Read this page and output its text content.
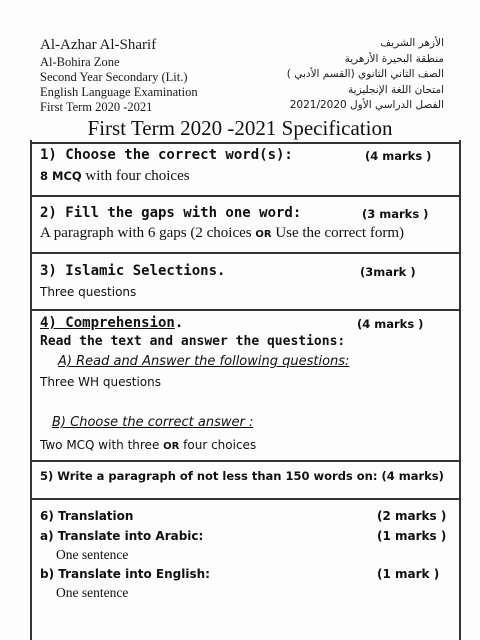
Al-Azhar Al-Sharif
Al-Bohira Zone
Second Year Secondary (Lit.)
English Language Examination
First Term 2020 -2021
الأزهر الشريف
منطقة البحيرة الأزهرية
الصف الثاني الثانوي (القسم الأدبي )
امتحان اللغة الإنجليزية
الفصل الدراسي الأول 2021/2020
First Term 2020 -2021 Specification
1) Choose the correct word(s):	(4 marks )
8 MCQ with four choices
2) Fill the gaps with one word:	(3 marks )
A paragraph with 6 gaps (2 choices OR Use the correct form)
3) Islamic Selections.	(3mark )
Three questions
4) Comprehension.	(4 marks )
Read the text and answer the questions:
A) Read and Answer the following questions:
Three WH questions
B) Choose the correct answer :
Two MCQ with three OR four choices
5) Write a paragraph of not less than 150 words on: (4 marks)
6) Translation	(2 marks )
a) Translate into Arabic:	(1 marks )
One sentence
b) Translate into English:	(1 mark )
One sentence
